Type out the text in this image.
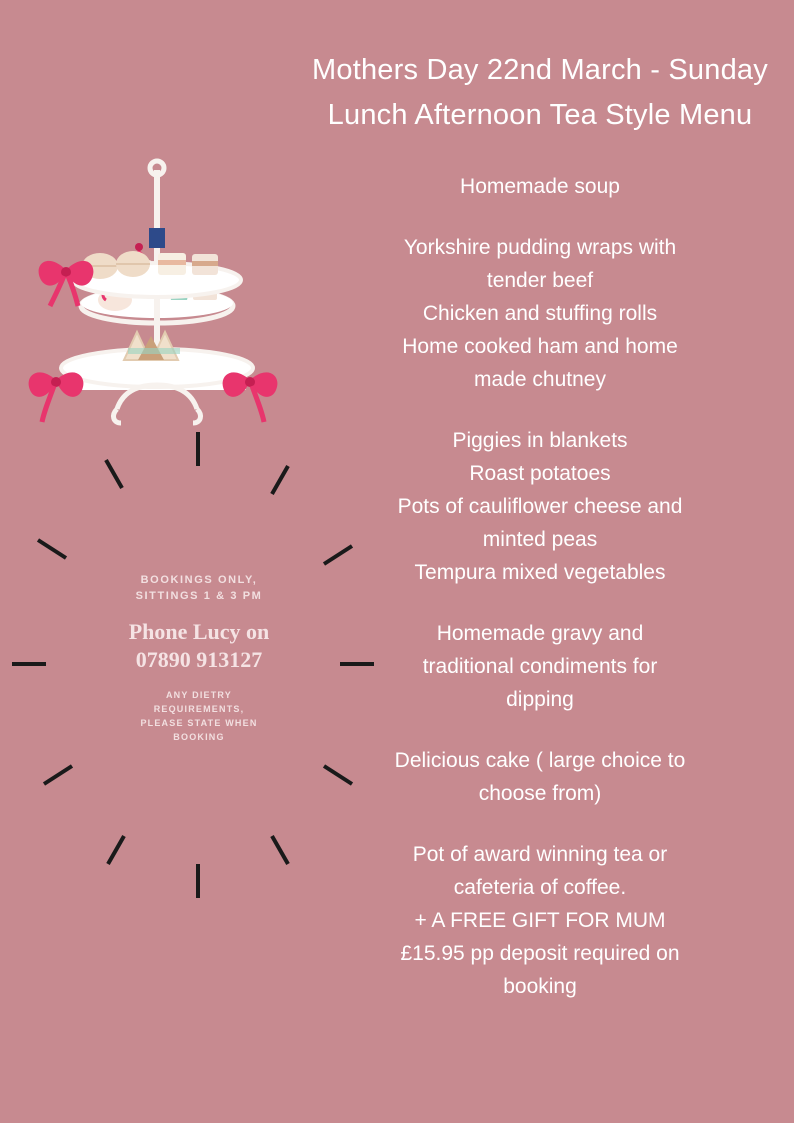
BOOKINGS ONLY,
SITTINGS 1 & 3 PM
Phone Lucy on
07890 913127
ANY DIETRY
REQUIREMENTS,
PLEASE STATE WHEN
BOOKING
Mothers Day 22nd March - Sunday Lunch Afternoon Tea Style Menu
Homemade soup
Yorkshire pudding wraps with
tender beef
Chicken and stuffing rolls
Home cooked ham and home
made chutney
Piggies in blankets
Roast potatoes
Pots of cauliflower cheese and
minted peas
Tempura mixed vegetables
Homemade gravy and
traditional condiments for
dipping
Delicious cake ( large choice to
choose from)
Pot of award winning tea or
cafeteria of coffee.
+ A FREE GIFT FOR MUM
£15.95 pp deposit required on
booking
